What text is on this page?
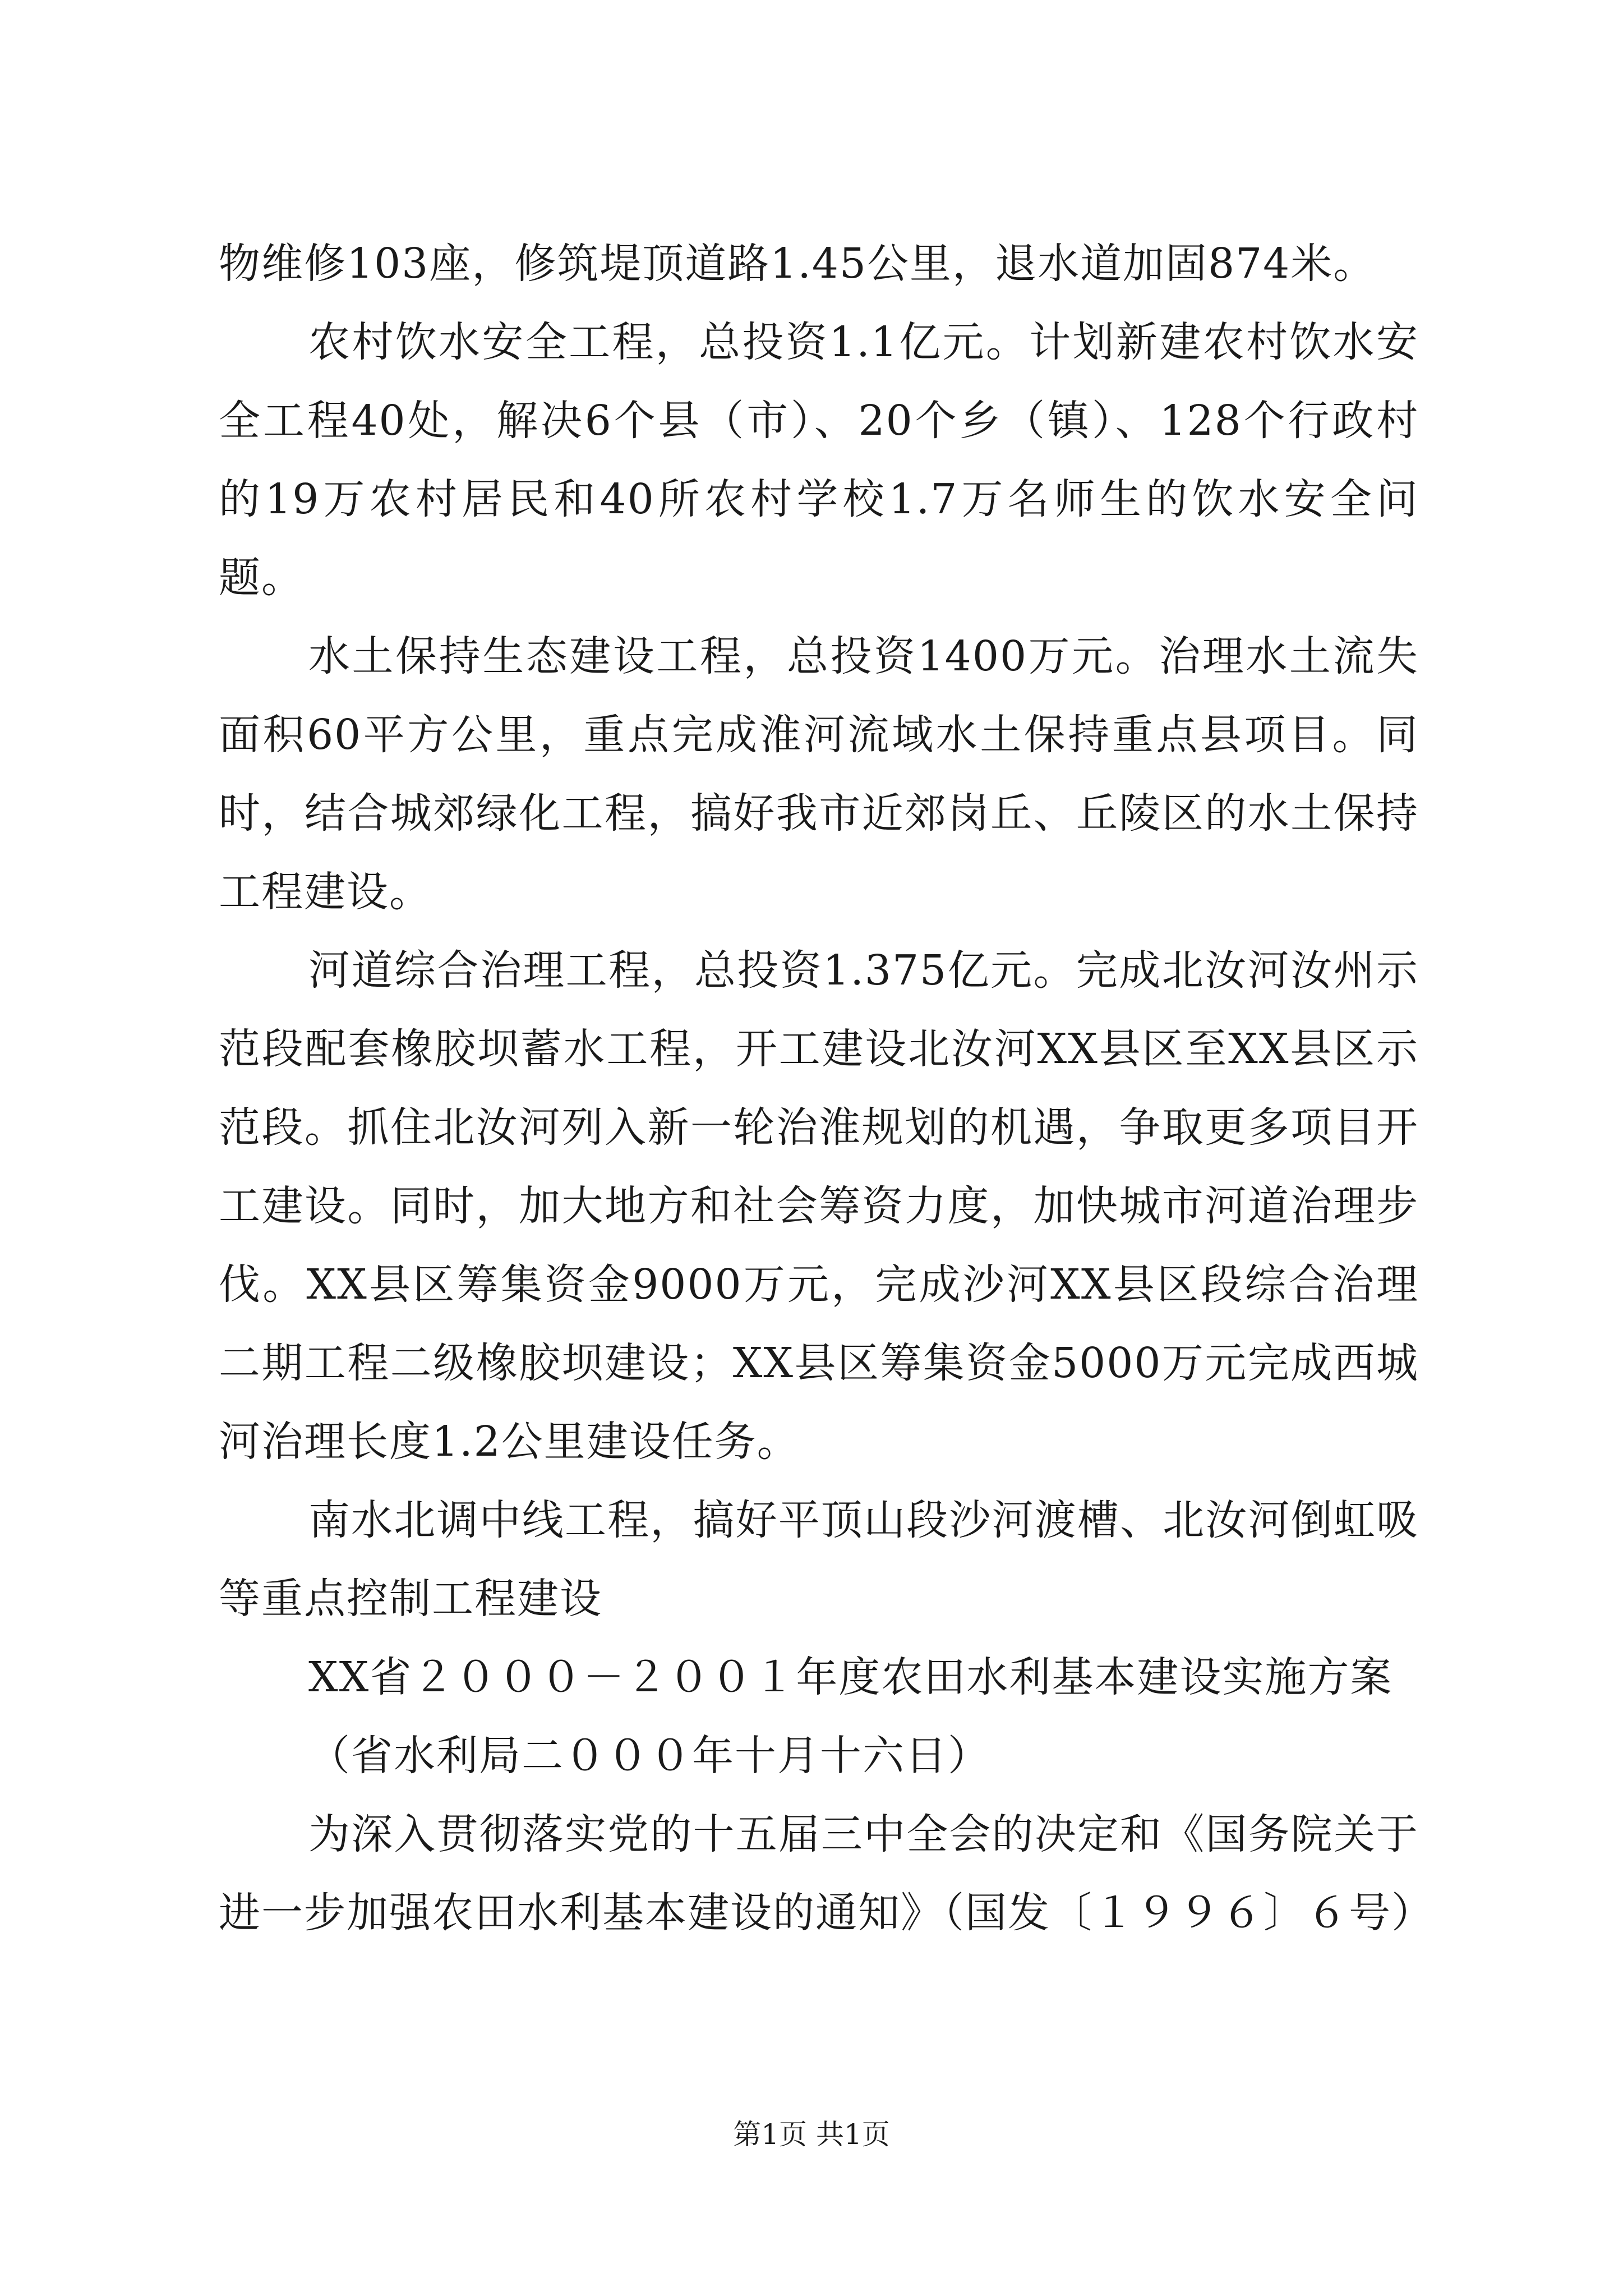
物维修103座，修筑堤顶道路1.45公里，退水道加固874米。

农村饮水安全工程，总投资1.1亿元。计划新建农村饮水安全工程40处，解决6个县（市）、20个乡（镇）、128个行政村的19万农村居民和40所农村学校1.7万名师生的饮水安全问题。

水土保持生态建设工程，总投资1400万元。治理水土流失面积60平方公里，重点完成淮河流域水土保持重点县项目。同时，结合城郊绿化工程，搞好我市近郊岗丘、丘陵区的水土保持工程建设。

河道综合治理工程，总投资1.375亿元。完成北汝河汝州示范段配套橡胶坝蓄水工程，开工建设北汝河XX县区至XX县区示范段。抓住北汝河列入新一轮治淮规划的机遇，争取更多项目开工建设。同时，加大地方和社会筹资力度，加快城市河道治理步伐。XX县区筹集资金9000万元，完成沙河XX县区段综合治理二期工程二级橡胶坝建设；XX县区筹集资金5000万元完成西城河治理长度1.2公里建设任务。

南水北调中线工程，搞好平顶山段沙河渡槽、北汝河倒虹吸等重点控制工程建设

XX省２０００－２００１年度农田水利基本建设实施方案

（省水利局二０００年十月十六日）

为深入贯彻落实党的十五届三中全会的决定和《国务院关于进一步加强农田水利基本建设的通知》（国发〔１９９６〕６号）

第1页 共1页
